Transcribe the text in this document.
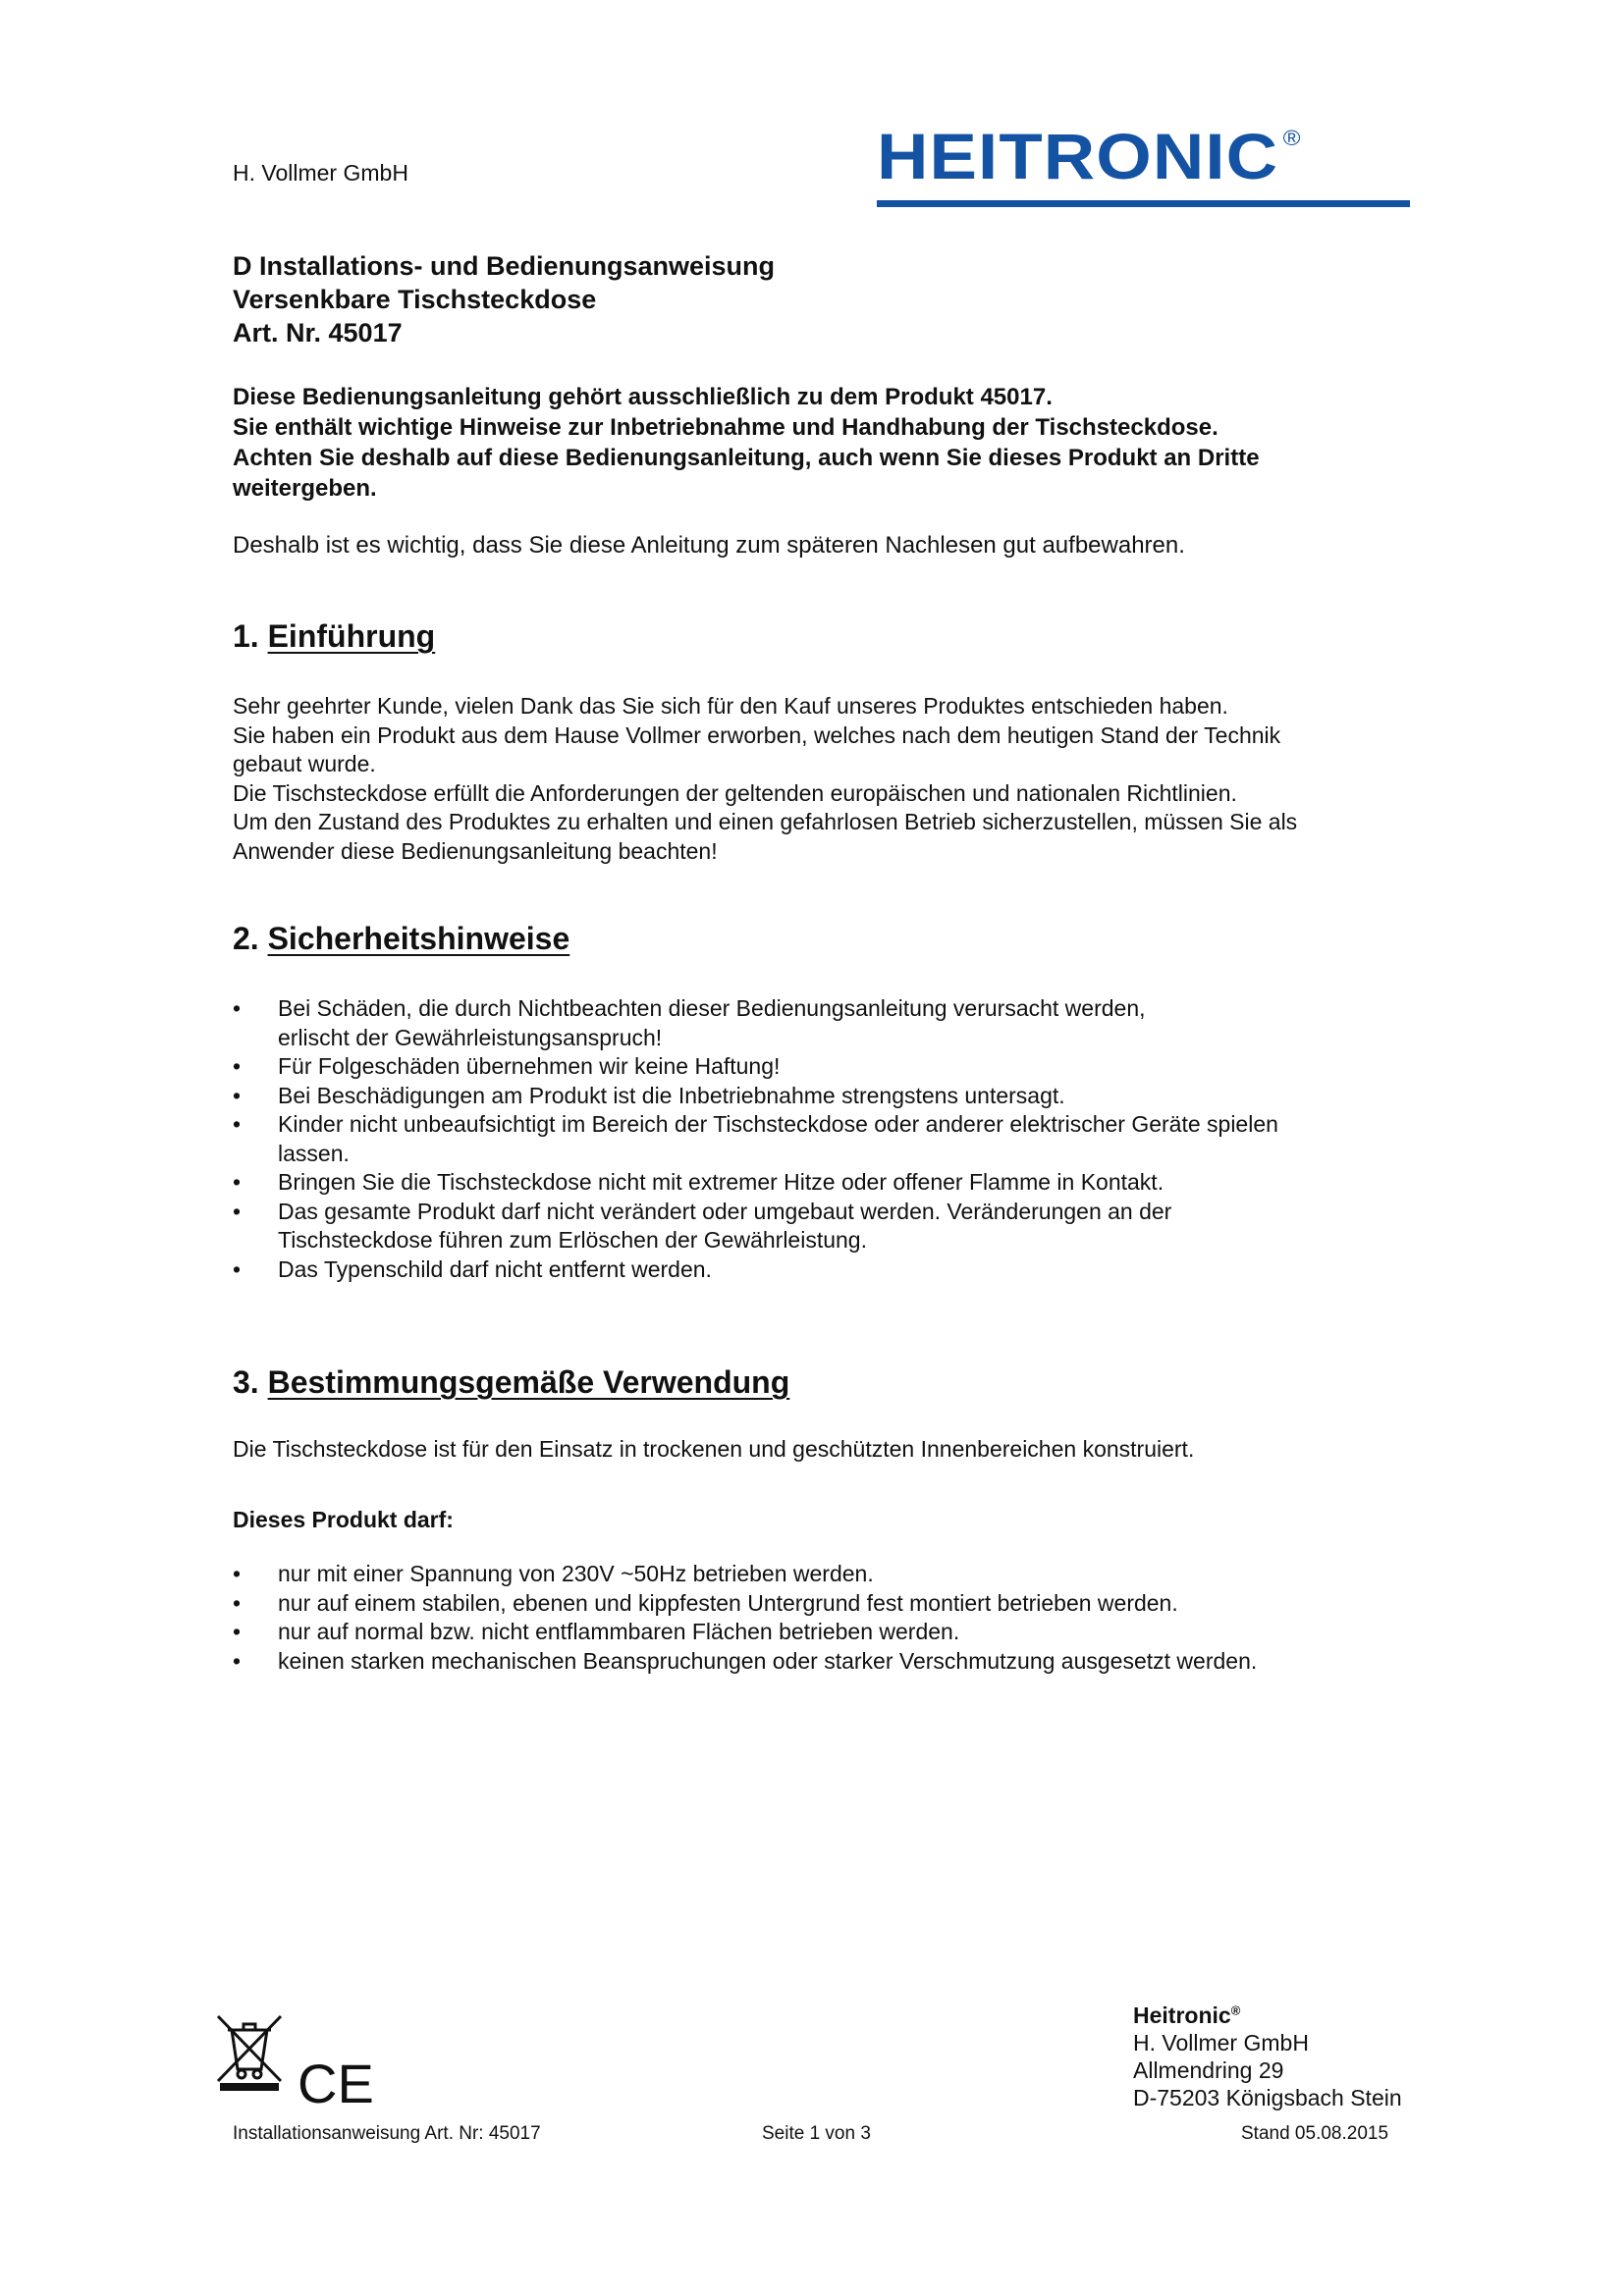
H. Vollmer GmbH	HEITRONIC ®
D Installations- und Bedienungsanweisung
Versenkbare Tischsteckdose
Art. Nr. 45017
Diese Bedienungsanleitung gehört ausschließlich zu dem Produkt 45017.
Sie enthält wichtige Hinweise zur Inbetriebnahme und Handhabung der Tischsteckdose.
Achten Sie deshalb auf diese Bedienungsanleitung, auch wenn Sie dieses Produkt an Dritte
weitergeben.
Deshalb ist es wichtig, dass Sie diese Anleitung zum späteren Nachlesen gut aufbewahren.
1. Einführung
Sehr geehrter Kunde, vielen Dank das Sie sich für den Kauf unseres Produktes entschieden haben.
Sie haben ein Produkt aus dem Hause Vollmer erworben, welches nach dem heutigen Stand der Technik
gebaut wurde.
Die Tischsteckdose erfüllt die Anforderungen der geltenden europäischen und nationalen Richtlinien.
Um den Zustand des Produktes zu erhalten und einen gefahrlosen Betrieb sicherzustellen, müssen Sie als
Anwender diese Bedienungsanleitung beachten!
2. Sicherheitshinweise
• Bei Schäden, die durch Nichtbeachten dieser Bedienungsanleitung verursacht werden,
erlischt der Gewährleistungsanspruch!
• Für Folgeschäden übernehmen wir keine Haftung!
• Bei Beschädigungen am Produkt ist die Inbetriebnahme strengstens untersagt.
• Kinder nicht unbeaufsichtigt im Bereich der Tischsteckdose oder anderer elektrischer Geräte spielen
lassen.
• Bringen Sie die Tischsteckdose nicht mit extremer Hitze oder offener Flamme in Kontakt.
• Das gesamte Produkt darf nicht verändert oder umgebaut werden. Veränderungen an der
Tischsteckdose führen zum Erlöschen der Gewährleistung.
• Das Typenschild darf nicht entfernt werden.
3. Bestimmungsgemäße Verwendung
Die Tischsteckdose ist für den Einsatz in trockenen und geschützten Innenbereichen konstruiert.
Dieses Produkt darf:
• nur mit einer Spannung von 230V ~50Hz betrieben werden.
• nur auf einem stabilen, ebenen und kippfesten Untergrund fest montiert betrieben werden.
• nur auf normal bzw. nicht entflammbaren Flächen betrieben werden.
• keinen starken mechanischen Beanspruchungen oder starker Verschmutzung ausgesetzt werden.
CE
Heitronic®
H. Vollmer GmbH
Allmendring 29
D-75203 Königsbach Stein
Installationsanweisung Art. Nr: 45017	Seite 1 von 3	Stand 05.08.2015
